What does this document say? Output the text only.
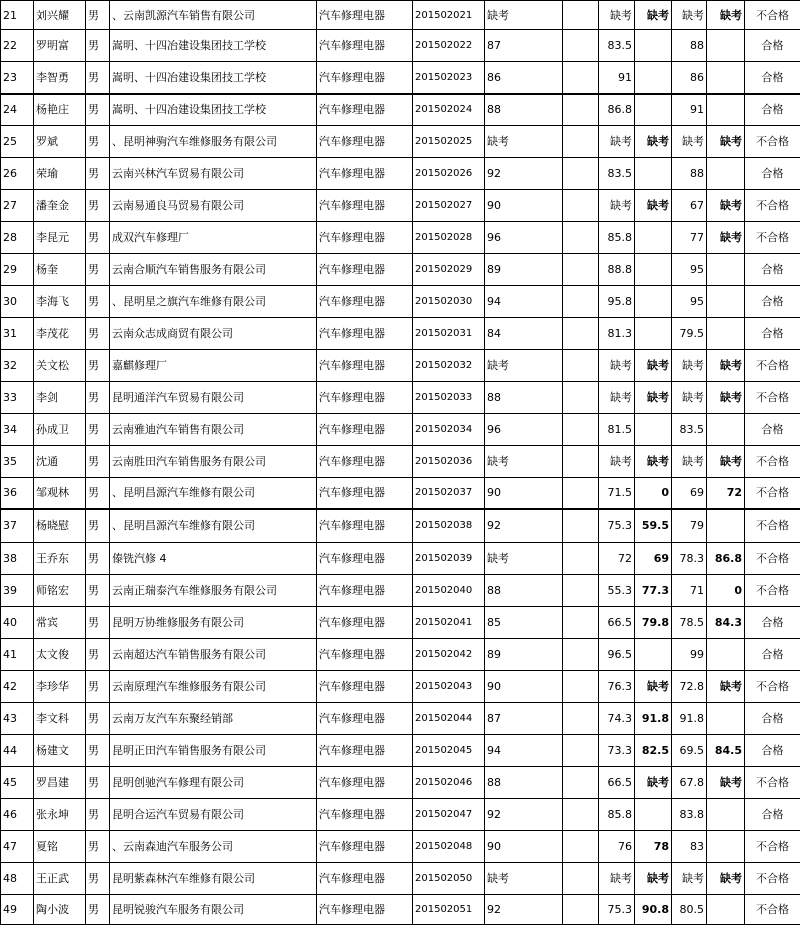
21	刘兴耀	男	、云南凯源汽车销售有限公司	汽车修理电器	201502021	缺考		缺考	缺考	缺考	缺考	不合格
22	罗明富	男	嵩明、十四冶建设集团技工学校	汽车修理电器	201502022	87		83.5		88		合格
23	李智勇	男	嵩明、十四冶建设集团技工学校	汽车修理电器	201502023	86		91		86		合格
24	杨艳庄	男	嵩明、十四冶建设集团技工学校	汽车修理电器	201502024	88		86.8		91		合格
25	罗斌	男	、昆明神驹汽车维修服务有限公司	汽车修理电器	201502025	缺考		缺考	缺考	缺考	缺考	不合格
26	荣瑜	男	云南兴林汽车贸易有限公司	汽车修理电器	201502026	92		83.5		88		合格
27	潘奎金	男	云南易通良马贸易有限公司	汽车修理电器	201502027	90		缺考	缺考	67	缺考	不合格
28	李昆元	男	成双汽车修理厂	汽车修理电器	201502028	96		85.8		77	缺考	不合格
29	杨奎	男	云南合顺汽车销售服务有限公司	汽车修理电器	201502029	89		88.8		95		合格
30	李海飞	男	、昆明星之旗汽车维修有限公司	汽车修理电器	201502030	94		95.8		95		合格
31	李茂花	男	云南众志成商贸有限公司	汽车修理电器	201502031	84		81.3		79.5		合格
32	关文松	男	嘉麒修理厂	汽车修理电器	201502032	缺考		缺考	缺考	缺考	缺考	不合格
33	李剑	男	昆明通洋汽车贸易有限公司	汽车修理电器	201502033	88		缺考	缺考	缺考	缺考	不合格
34	孙成卫	男	云南雅迪汽车销售有限公司	汽车修理电器	201502034	96		81.5		83.5		合格
35	沈通	男	云南胜田汽车销售服务有限公司	汽车修理电器	201502036	缺考		缺考	缺考	缺考	缺考	不合格
36	邹观林	男	、昆明昌源汽车维修有限公司	汽车修理电器	201502037	90		71.5	0	69	72	不合格
37	杨晓慰	男	、昆明昌源汽车维修有限公司	汽车修理电器	201502038	92		75.3	59.5	79		不合格
38	王乔东	男	傣铣汽修 4	汽车修理电器	201502039	缺考		72	69	78.3	86.8	不合格
39	师铭宏	男	云南正瑞泰汽车维修服务有限公司	汽车修理电器	201502040	88		55.3	77.3	71	0	不合格
40	常宾	男	昆明万协维修服务有限公司	汽车修理电器	201502041	85		66.5	79.8	78.5	84.3	合格
41	太文俊	男	云南超达汽车销售服务有限公司	汽车修理电器	201502042	89		96.5		99		合格
42	李珍华	男	云南原理汽车维修服务有限公司	汽车修理电器	201502043	90		76.3	缺考	72.8	缺考	不合格
43	李文科	男	云南万友汽车东聚经销部	汽车修理电器	201502044	87		74.3	91.8	91.8		合格
44	杨建文	男	昆明正田汽车销售服务有限公司	汽车修理电器	201502045	94		73.3	82.5	69.5	84.5	合格
45	罗昌建	男	昆明创驰汽车修理有限公司	汽车修理电器	201502046	88		66.5	缺考	67.8	缺考	不合格
46	张永坤	男	昆明合运汽车贸易有限公司	汽车修理电器	201502047	92		85.8		83.8		合格
47	夏铭	男	、云南森迪汽车服务公司	汽车修理电器	201502048	90		76	78	83		不合格
48	王正武	男	昆明紫森林汽车维修有限公司	汽车修理电器	201502050	缺考		缺考	缺考	缺考	缺考	不合格
49	陶小波	男	昆明锐骏汽车服务有限公司	汽车修理电器	201502051	92		75.3	90.8	80.5		不合格
